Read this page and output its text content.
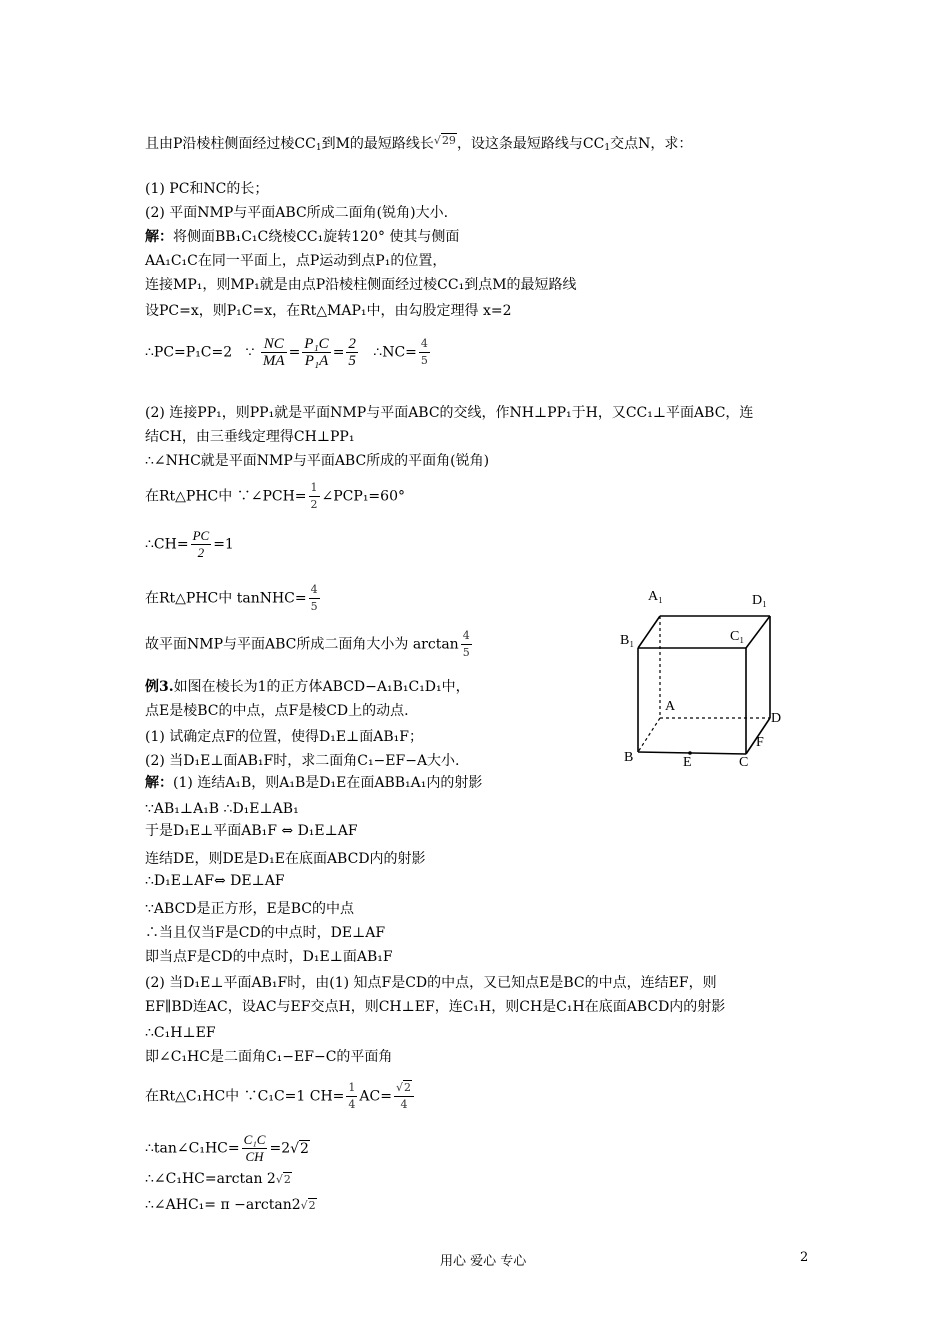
且由P沿棱柱侧面经过棱$CC_1$到M的最短路线长√29，设这条最短路线与$CC_1$交点N，求：
(1) PC和NC的长；
(2) 平面NMP与平面ABC所成二面角(锐角)大小.
解：将侧面BB₁C₁C绕棱CC₁旋转120° 使其与侧面
AA₁C₁C在同一平面上，点P运动到点P₁的位置，
连接MP₁，则MP₁就是由点P沿棱柱侧面经过棱CC₁到点M的最短路线
设PC=x，则P₁C=x，在Rt△MAP₁中，由勾股定理得 x=2
∴PC=P₁C=2 ∵ $\frac{NC}{MA} = \frac{\text{P₁C}}{\text{P₁A}} = \frac{2}{5}$ ∴NC= $\frac{4}{5}$
(2) 连接PP₁，则PP₁就是平面NMP与平面ABC的交线，作NH⊥PP₁于H，又CC₁⊥平面ABC，连
结CH，由三垂线定理得CH⊥PP₁
∴∠NHC就是平面NMP与平面ABC所成的平面角(锐角)
在Rt△PHC中 ∵∠PCH= $\frac{1}{2}$ ∠PCP₁=60°
∴CH= $\frac{PC}{2} =1$
在Rt△PHC中 tanNHC= $\frac{4}{5}$
故平面NMP与平面ABC所成二面角大小为 $\arctan \frac{4}{5}$
例3.如图在棱长为1的正方体ABCD−A₁B₁C₁D₁中，
点E是棱BC的中点，点F是棱CD上的动点.
(1) 试确定点F的位置，使得D₁E⊥面AB₁F；
(2) 当D₁E⊥面AB₁F时，求二面角C₁−EF−A大小.
解：(1) 连结A₁B，则A₁B是D₁E在面ABB₁A₁内的射影
∵AB₁⊥A₁B ∴D₁E⊥AB₁
于是D₁E⊥平面AB₁F ⇔ D₁E⊥AF
连结DE，则DE是D₁E在底面ABCD内的射影
∴D₁E⊥AF⇔ DE⊥AF
∵ABCD是正方形，E是BC的中点
∴当且仅当F是CD的中点时，DE⊥AF
即当点F是CD的中点时，D₁E⊥面AB₁F
(2) 当D₁E⊥平面AB₁F时，由(1) 知点F是CD的中点，又已知点E是BC的中点，连结EF，则
EF∥BD连AC，设AC与EF交点H，则CH⊥EF，连C₁H，则CH是C₁H在底面ABCD内的射影
∴C₁H⊥EF
即∠C₁HC是二面角C₁−EF−C的平面角
在Rt△C₁HC中 ∵C₁C=1 $CH= \frac{1}{4} AC= \frac{√2}{4}$
∴tan∠C₁HC= $\frac{\text{C₁C}}{CH} =2√2$
∴∠C₁HC=arctan 2√2
∴∠AHC₁= π −arctan2√2
A₁	D₁
B₁	C₁
A
D
F
B	E	C
用心 爱心 专心	2
